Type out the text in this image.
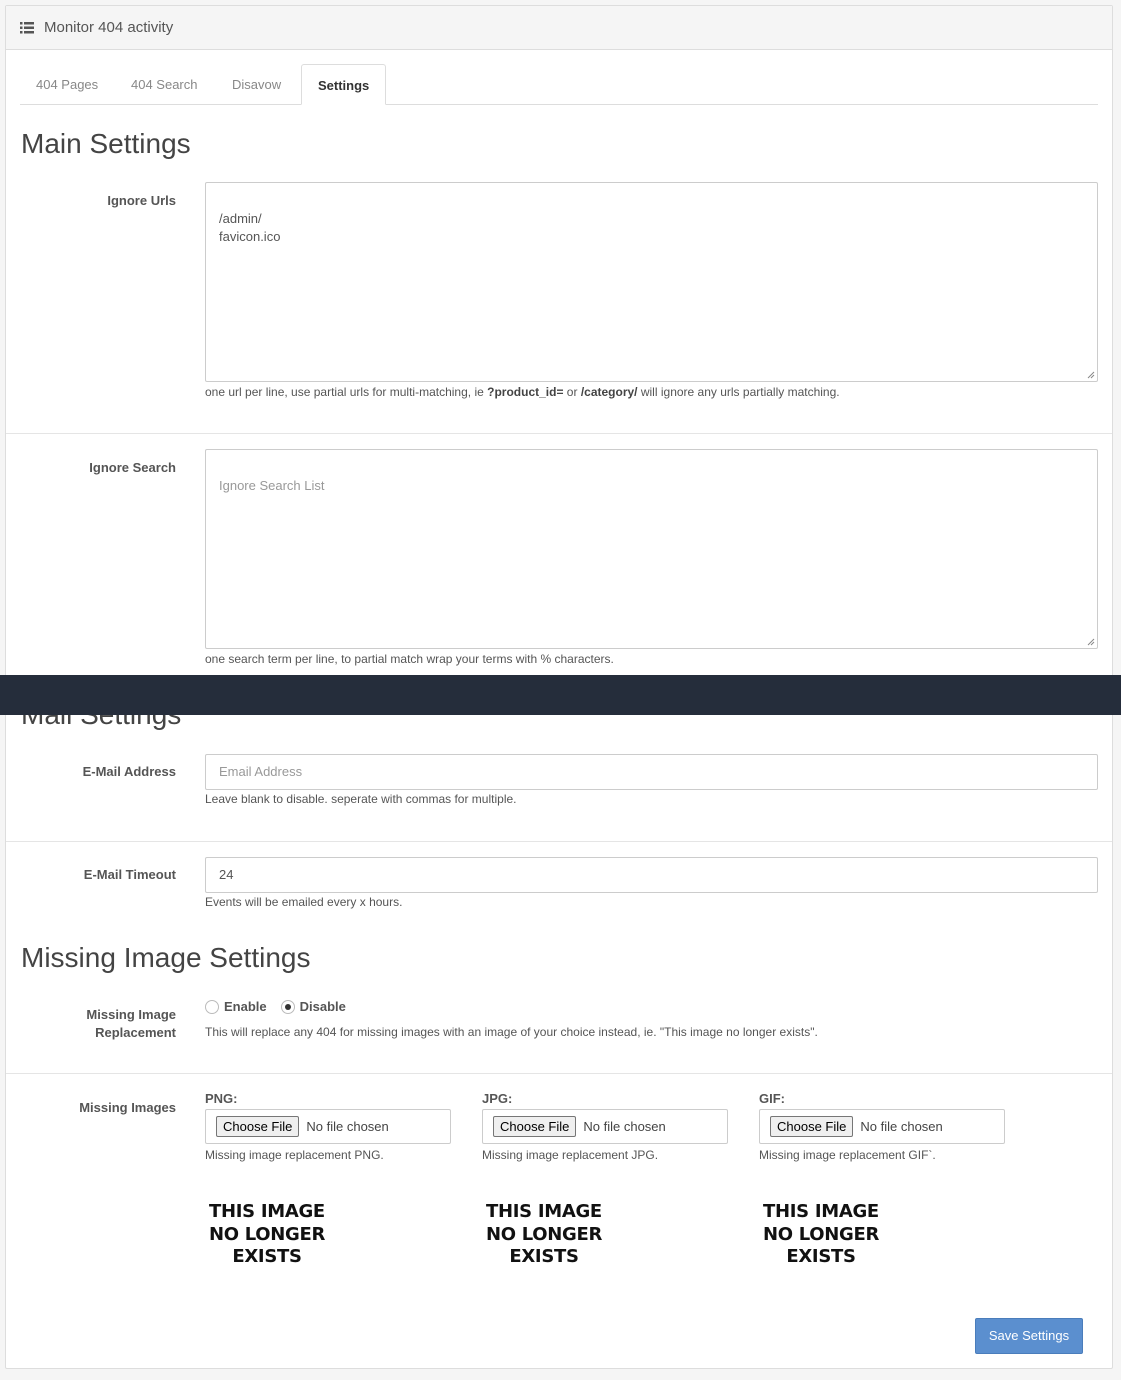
Monitor 404 activity
404 Pages	404 Search	Disavow	Settings
Main Settings
Ignore Urls

/admin/
favicon.ico

one url per line, use partial urls for multi-matching, ie ?product_id= or /category/ will ignore any urls partially matching.
Ignore Search

Ignore Search List

one search term per line, to partial match wrap your terms with % characters.
E-Mail Address	Email Address
Leave blank to disable. seperate with commas for multiple.
E-Mail Timeout	24
Events will be emailed every x hours.
Missing Image Settings
Missing Image
Replacement
Enable	Disable
This will replace any 404 for missing images with an image of your choice instead, ie. "This image no longer exists".
Missing Images
PNG:
Choose File	No file chosen
Missing image replacement PNG.
THIS IMAGE
NO LONGER
EXISTS
JPG:
Choose File	No file chosen
Missing image replacement JPG.
THIS IMAGE
NO LONGER
EXISTS
GIF:
Choose File	No file chosen
Missing image replacement GIF`.
THIS IMAGE
NO LONGER
EXISTS
Save Settings
